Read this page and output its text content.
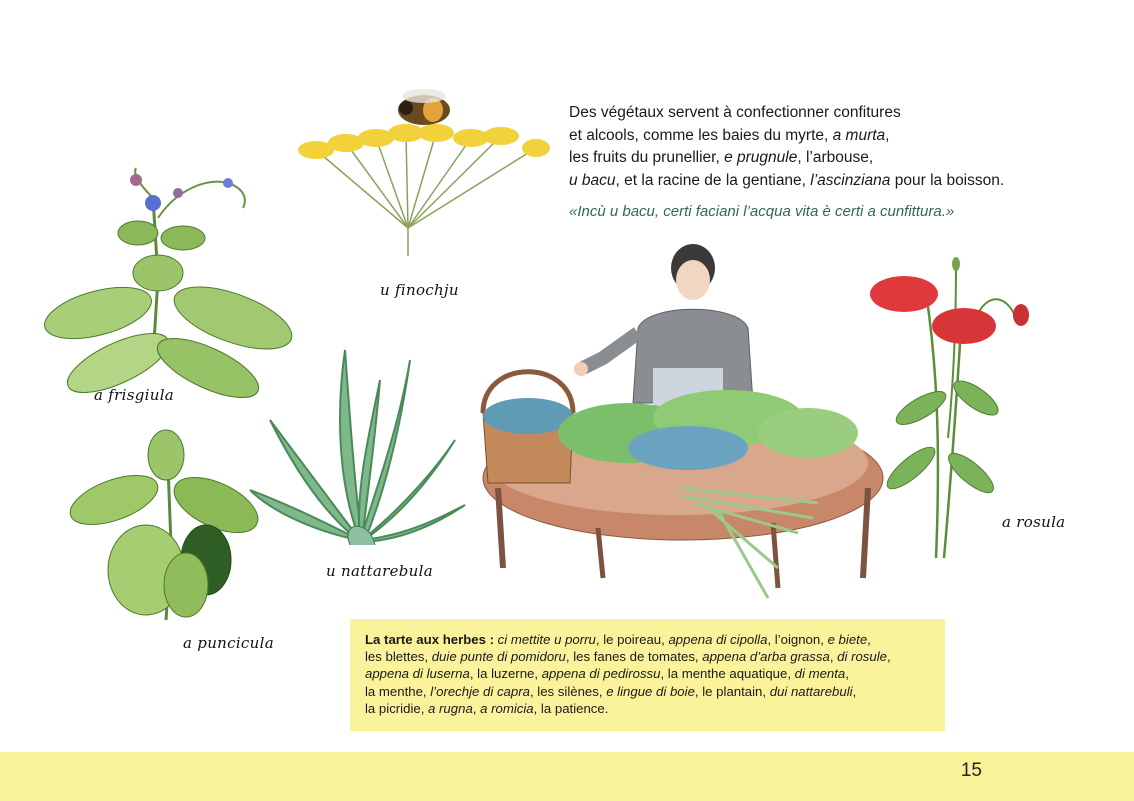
Des végétaux servent à confectionner confitures
et alcools, comme les baies du myrte, a murta,
les fruits du prunellier, e prugnule, l’arbouse,
u bacu, et la racine de la gentiane, l’ascinziana pour la boisson.

«Incù u bacu, certi faciani l’acqua vita è certi a cunfittura.»

a frisgiula
u finochju
a puncicula
u nattarebula
a rosula

La tarte aux herbes : ci mettite u porru, le poireau, appena di cipolla, l’oignon, e biete,
les blettes, duie punte di pomidoru, les fanes de tomates, appena d’arba grassa, di rosule,
appena di luserna, la luzerne, appena di pedirossu, la menthe aquatique, di menta,
la menthe, l’orechje di capra, les silènes, e lingue di boie, le plantain, dui nattarebuli,
la picridie, a rugna, a romicia, la patience.

15
